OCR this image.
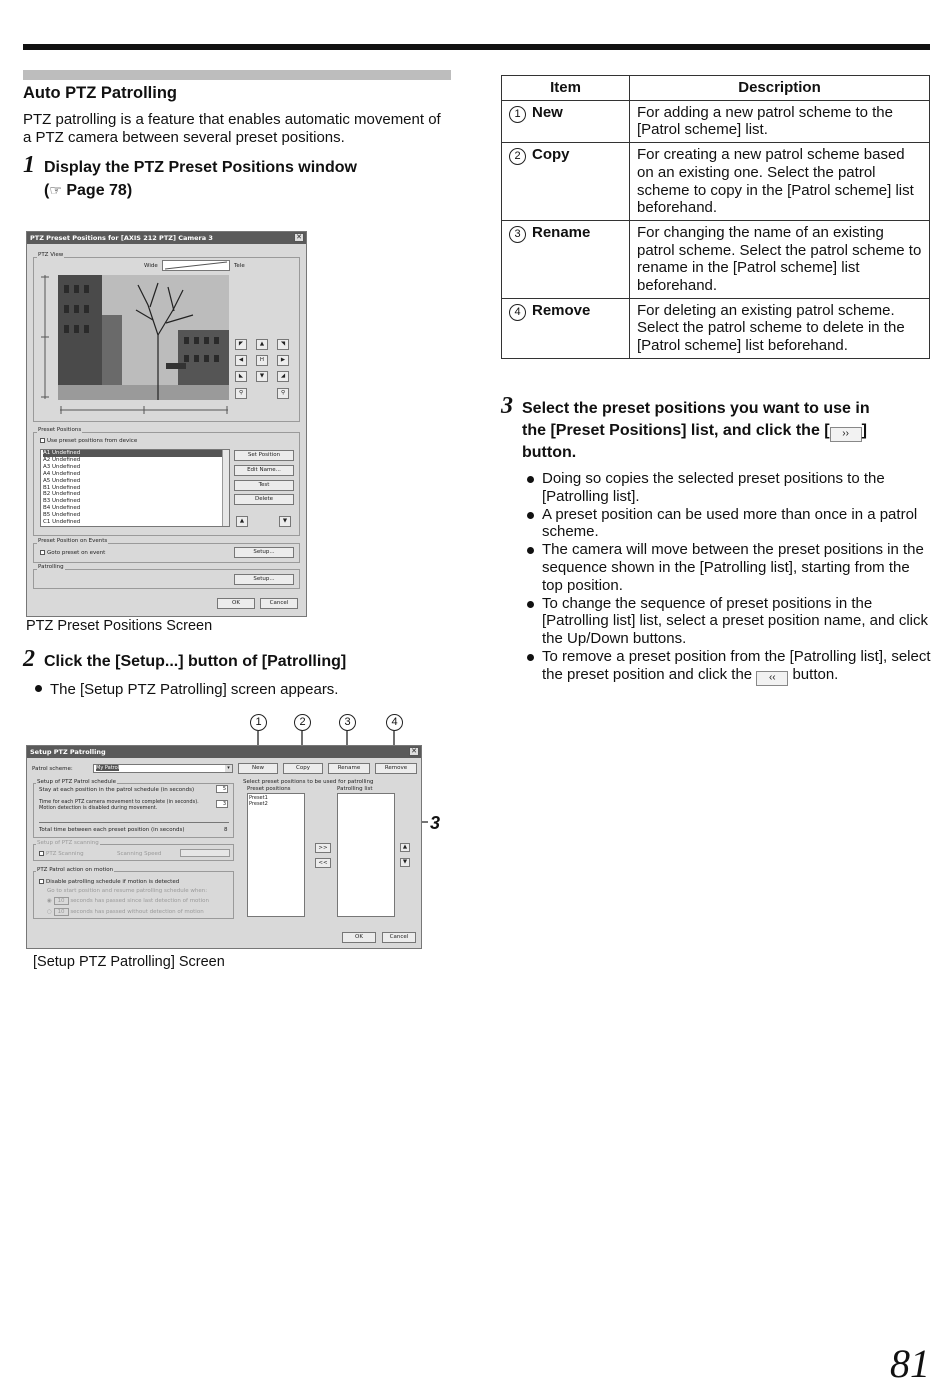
Auto PTZ Patrolling
PTZ patrolling is a feature that enables automatic movement of a PTZ camera between several preset positions.
1 Display the PTZ Preset Positions window
(☞ Page 78)
PTZ Preset Positions for [AXIS 212 PTZ] Camera 3	✕
PTZ View
Wide	Tele
◤	▲	◥
◀	H	▶
◣	▼	◢
⚲	⚲
Preset Positions
Use preset positions from device
A1 Undefined
A2 Undefined
A3 Undefined
A4 Undefined
A5 Undefined
B1 Undefined
B2 Undefined
B3 Undefined
B4 Undefined
B5 Undefined
C1 Undefined
Set Position
Edit Name...
Test
Delete
▲	▼
Preset Position on Events
Goto preset on event	Setup...
Patrolling
Setup...
OK	Cancel
PTZ Preset Positions Screen
2 Click the [Setup...] button of [Patrolling]
The [Setup PTZ Patrolling] screen appears.
1	2	3	4
3
Setup PTZ Patrolling	✕
Patrol scheme:	My Patrol	▾	New	Copy	Rename	Remove
Setup of PTZ Patrol schedule
Stay at each position in the patrol schedule (in seconds)	5
Time for each PTZ camera movement to complete (in seconds). Motion detection is disabled during movement.
3
Total time between each preset position (in seconds)	8
Select preset positions to be used for patrolling
Preset positions
Preset1
Preset2
>>
<<
Patrolling list
▲
▼
Setup of PTZ scanning
PTZ Scanning	Scanning Speed
PTZ Patrol action on motion
Disable patrolling schedule if motion is detected
Go to start position and resume patrolling schedule when:
◉ 10 seconds has passed since last detection of motion
○ 10 seconds has passed without detection of motion
OK	Cancel
[Setup PTZ Patrolling] Screen
Item	Description
1 New	For adding a new patrol scheme to the [Patrol scheme] list.
2 Copy	For creating a new patrol scheme based on an existing one. Select the patrol scheme to copy in the [Patrol scheme] list beforehand.
3 Rename	For changing the name of an existing patrol scheme. Select the patrol scheme to rename in the [Patrol scheme] list beforehand.
4 Remove	For deleting an existing patrol scheme. Select the patrol scheme to delete in the [Patrol scheme] list beforehand.
3 Select the preset positions you want to use in
the [Preset Positions] list, and click the [ ›› ]
button.
Doing so copies the selected preset positions to the [Patrolling list].
A preset position can be used more than once in a patrol scheme.
The camera will move between the preset positions in the sequence shown in the [Patrolling list], starting from the top position.
To change the sequence of preset positions in the [Patrolling list] list, select a preset position name, and click the Up/Down buttons.
To remove a preset position from the [Patrolling list], select the preset position and click the ‹‹ button.
81
